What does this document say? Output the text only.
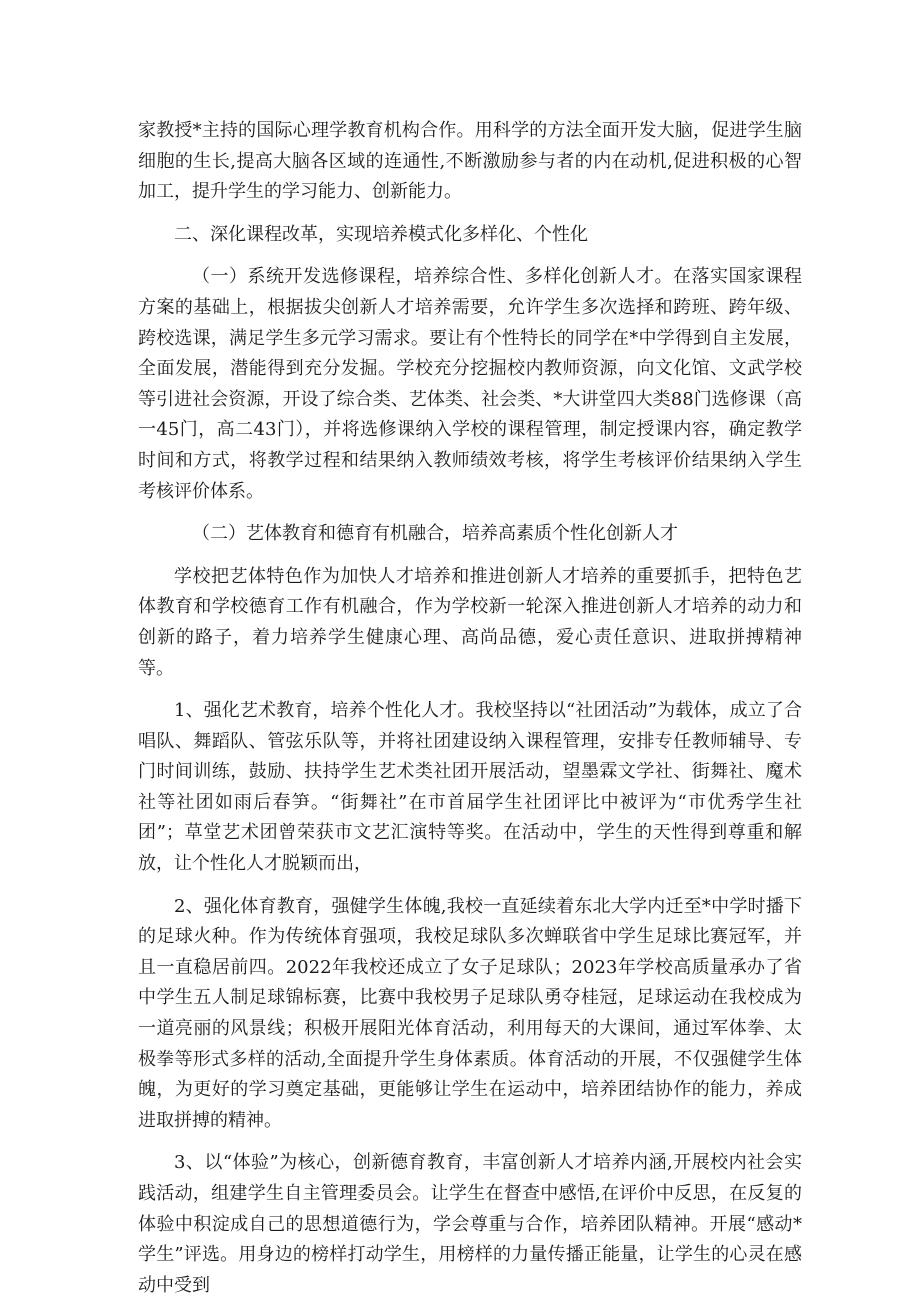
家教授*主持的国际心理学教育机构合作。用科学的方法全面开发大脑，促进学生脑细胞的生长,提高大脑各区域的连通性,不断激励参与者的内在动机,促进积极的心智加工，提升学生的学习能力、创新能力。

二、深化课程改革，实现培养模式化多样化、个性化

（一）系统开发选修课程，培养综合性、多样化创新人才。在落实国家课程方案的基础上，根据拔尖创新人才培养需要，允许学生多次选择和跨班、跨年级、跨校选课，满足学生多元学习需求。要让有个性特长的同学在*中学得到自主发展，全面发展，潜能得到充分发掘。学校充分挖掘校内教师资源，向文化馆、文武学校等引进社会资源，开设了综合类、艺体类、社会类、*大讲堂四大类88门选修课（高一45门，高二43门），并将选修课纳入学校的课程管理，制定授课内容，确定教学时间和方式，将教学过程和结果纳入教师绩效考核，将学生考核评价结果纳入学生考核评价体系。

（二）艺体教育和德育有机融合，培养高素质个性化创新人才

学校把艺体特色作为加快人才培养和推进创新人才培养的重要抓手，把特色艺体教育和学校德育工作有机融合，作为学校新一轮深入推进创新人才培养的动力和创新的路子，着力培养学生健康心理、高尚品德，爱心责任意识、进取拼搏精神等。

1、强化艺术教育，培养个性化人才。我校坚持以“社团活动”为载体，成立了合唱队、舞蹈队、管弦乐队等，并将社团建设纳入课程管理，安排专任教师辅导、专门时间训练，鼓励、扶持学生艺术类社团开展活动，望墨霖文学社、街舞社、魔术社等社团如雨后春笋。“街舞社”在市首届学生社团评比中被评为“市优秀学生社团”；草堂艺术团曾荣获市文艺汇演特等奖。在活动中，学生的天性得到尊重和解放，让个性化人才脱颖而出，

2、强化体育教育，强健学生体魄,我校一直延续着东北大学内迁至*中学时播下的足球火种。作为传统体育强项，我校足球队多次蝉联省中学生足球比赛冠军，并且一直稳居前四。2022年我校还成立了女子足球队；2023年学校高质量承办了省中学生五人制足球锦标赛，比赛中我校男子足球队勇夺桂冠，足球运动在我校成为一道亮丽的风景线；积极开展阳光体育活动，利用每天的大课间，通过军体拳、太极拳等形式多样的活动,全面提升学生身体素质。体育活动的开展，不仅强健学生体魄，为更好的学习奠定基础，更能够让学生在运动中，培养团结协作的能力，养成进取拼搏的精神。

3、以“体验”为核心，创新德育教育，丰富创新人才培养内涵,开展校内社会实践活动，组建学生自主管理委员会。让学生在督查中感悟,在评价中反思，在反复的体验中积淀成自己的思想道德行为，学会尊重与合作，培养团队精神。开展“感动*学生”评选。用身边的榜样打动学生，用榜样的力量传播正能量，让学生的心灵在感动中受到
